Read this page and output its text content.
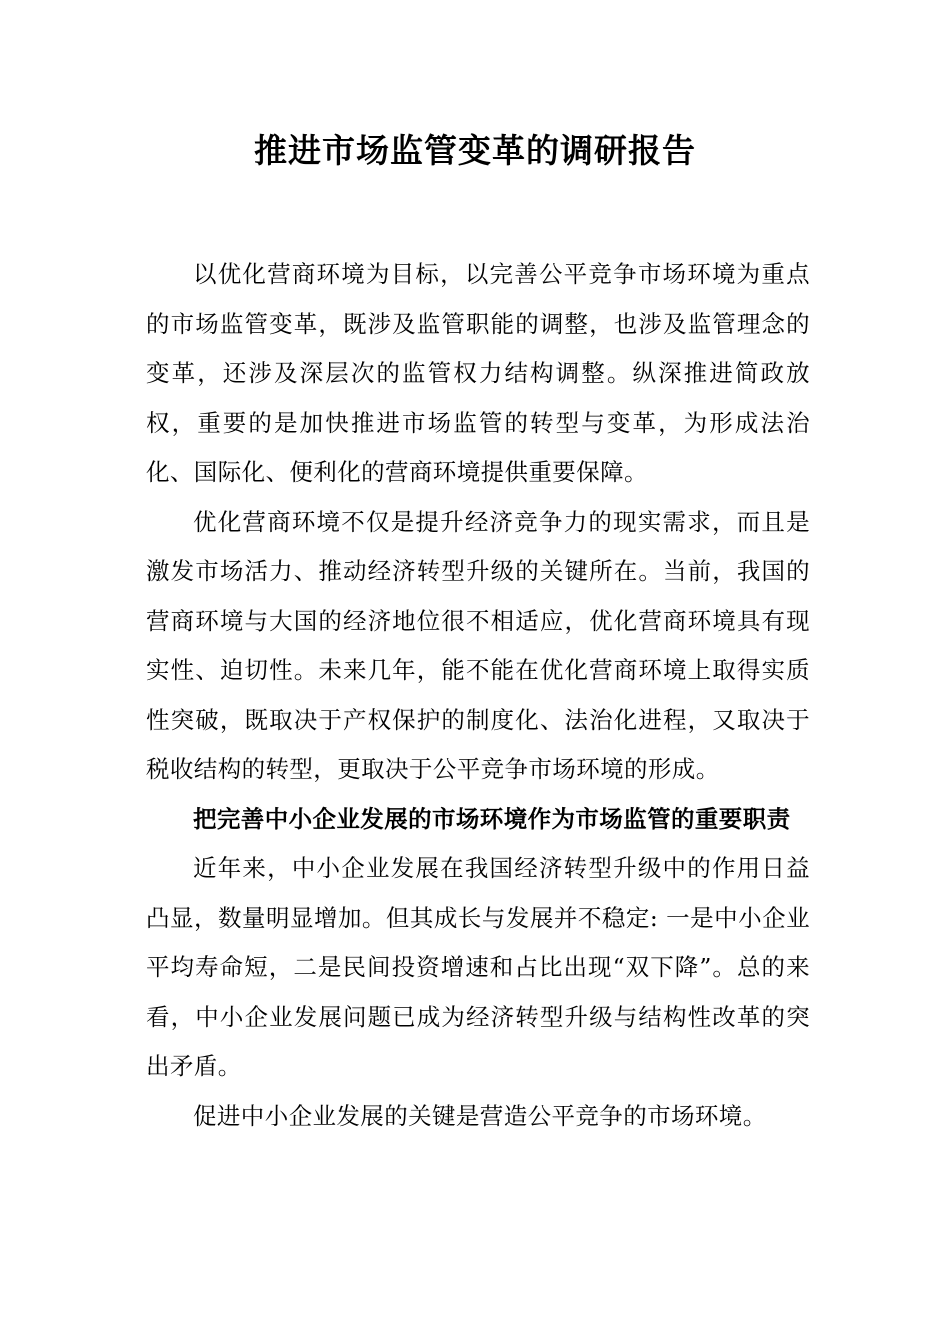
推进市场监管变革的调研报告

以优化营商环境为目标，以完善公平竞争市场环境为重点的市场监管变革，既涉及监管职能的调整，也涉及监管理念的变革，还涉及深层次的监管权力结构调整。纵深推进简政放权，重要的是加快推进市场监管的转型与变革，为形成法治化、国际化、便利化的营商环境提供重要保障。

优化营商环境不仅是提升经济竞争力的现实需求，而且是激发市场活力、推动经济转型升级的关键所在。当前，我国的营商环境与大国的经济地位很不相适应，优化营商环境具有现实性、迫切性。未来几年，能不能在优化营商环境上取得实质性突破，既取决于产权保护的制度化、法治化进程，又取决于税收结构的转型，更取决于公平竞争市场环境的形成。

把完善中小企业发展的市场环境作为市场监管的重要职责

近年来，中小企业发展在我国经济转型升级中的作用日益凸显，数量明显增加。但其成长与发展并不稳定: 一是中小企业平均寿命短，二是民间投资增速和占比出现“双下降”。总的来看，中小企业发展问题已成为经济转型升级与结构性改革的突出矛盾。

促进中小企业发展的关键是营造公平竞争的市场环境。
